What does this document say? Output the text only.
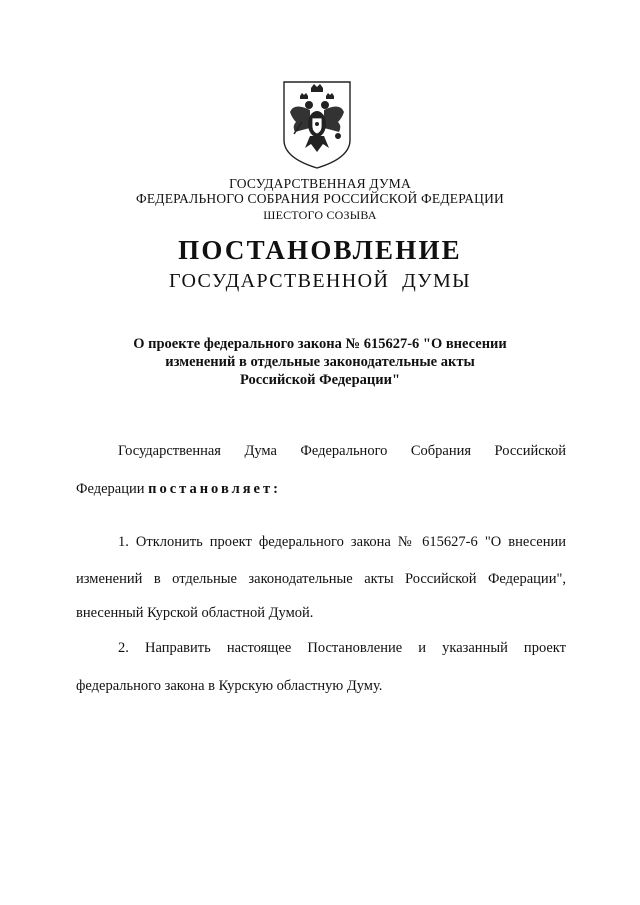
ГОСУДАРСТВЕННАЯ ДУМА
ФЕДЕРАЛЬНОГО СОБРАНИЯ РОССИЙСКОЙ ФЕДЕРАЦИИ
ШЕСТОГО СОЗЫВА
ПОСТАНОВЛЕНИЕ
ГОСУДАРСТВЕННОЙ  ДУМЫ
О проекте федерального закона № 615627-6 "О внесении
изменений в отдельные законодательные акты
Российской Федерации"
Государственная Дума Федерального Собрания Российской
Федерации постановляет:
1. Отклонить проект федерального закона № 615627-6 "О внесении
изменений в отдельные законодательные акты Российской Федерации",
внесенный Курской областной Думой.
2. Направить настоящее Постановление и указанный проект
федерального закона в Курскую областную Думу.
